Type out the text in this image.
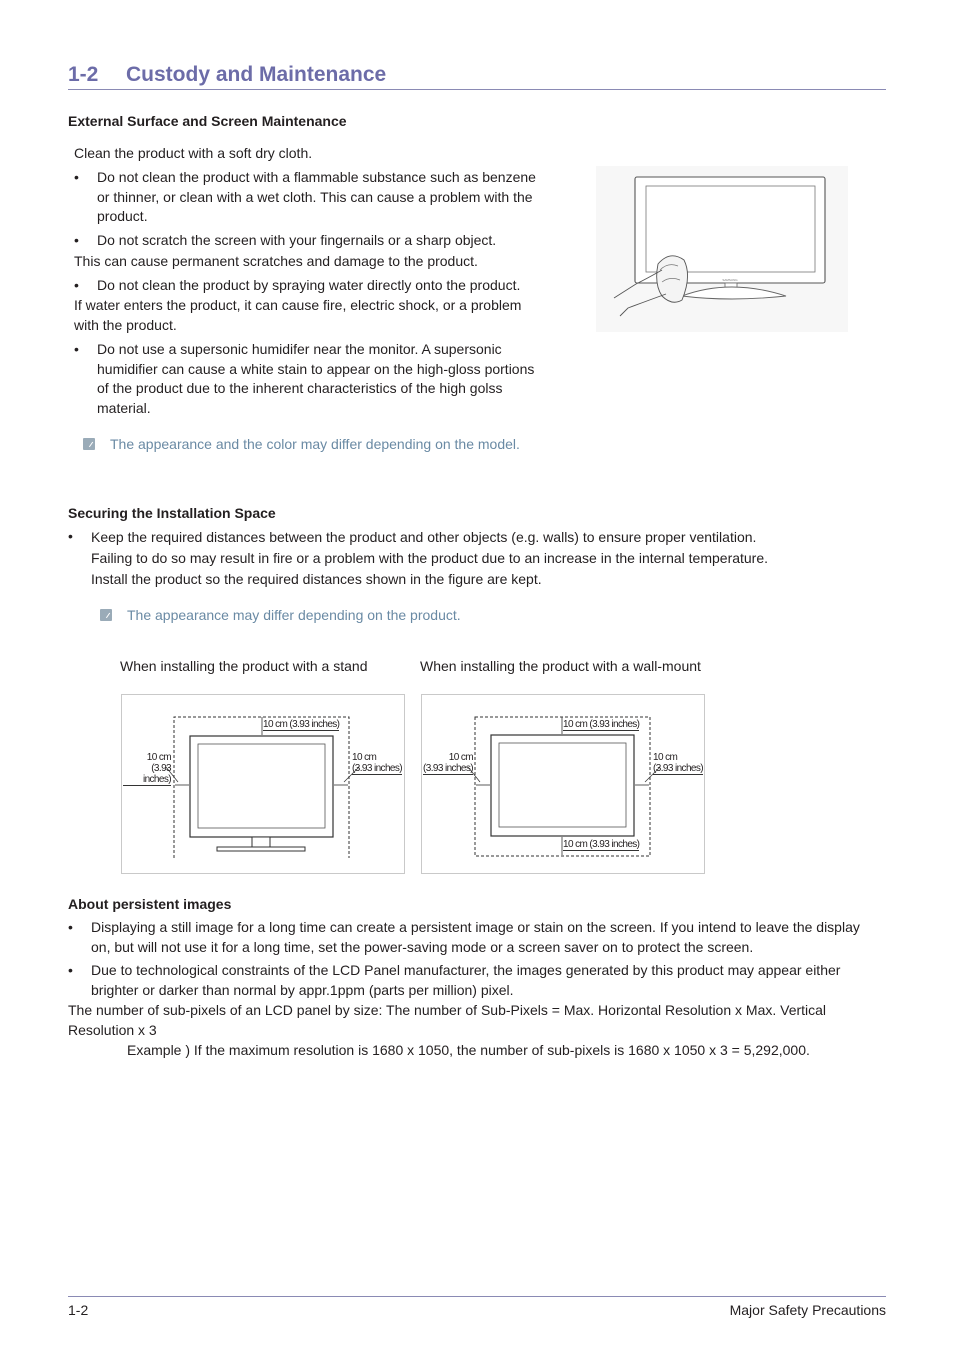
1-2 Custody and Maintenance
External Surface and Screen Maintenance
Clean the product with a soft dry cloth.
• Do not clean the product with a flammable substance such as benzene
or thinner, or clean with a wet cloth. This can cause a problem with the
product.
• Do not scratch the screen with your fingernails or a sharp object.
This can cause permanent scratches and damage to the product.
• Do not clean the product by spraying water directly onto the product.
If water enters the product, it can cause fire, electric shock, or a problem
with the product.
• Do not use a supersonic humidifer near the monitor. A supersonic
humidifier can cause a white stain to appear on the high-gloss portions
of the product due to the inherent characteristics of the high golss
material.
The appearance and the color may differ depending on the model.
SAMSUNG
Securing the Installation Space
• Keep the required distances between the product and other objects (e.g. walls) to ensure proper ventilation.
Failing to do so may result in fire or a problem with the product due to an increase in the internal temperature.
Install the product so the required distances shown in the figure are kept.
The appearance may differ depending on the product.
When installing the product with a stand	When installing the product with a wall-mount
10 cm (3.93 inches)
10 cm
(3.93 inches)
10 cm
(3.93 inches)
10 cm (3.93 inches)
10 cm (3.93 inches)
10 cm
(3.93 inches)
10 cm
(3.93 inches)
About persistent images
• Displaying a still image for a long time can create a persistent image or stain on the screen. If you intend to leave the display
on, but will not use it for a long time, set the power-saving mode or a screen saver on to protect the screen.
• Due to technological constraints of the LCD Panel manufacturer, the images generated by this product may appear either
brighter or darker than normal by appr.1ppm (parts per million) pixel.
The number of sub-pixels of an LCD panel by size: The number of Sub-Pixels = Max. Horizontal Resolution x Max. Vertical
Resolution x 3
Example ) If the maximum resolution is 1680 x 1050, the number of sub-pixels is 1680 x 1050 x 3 = 5,292,000.
1-2	Major Safety Precautions
